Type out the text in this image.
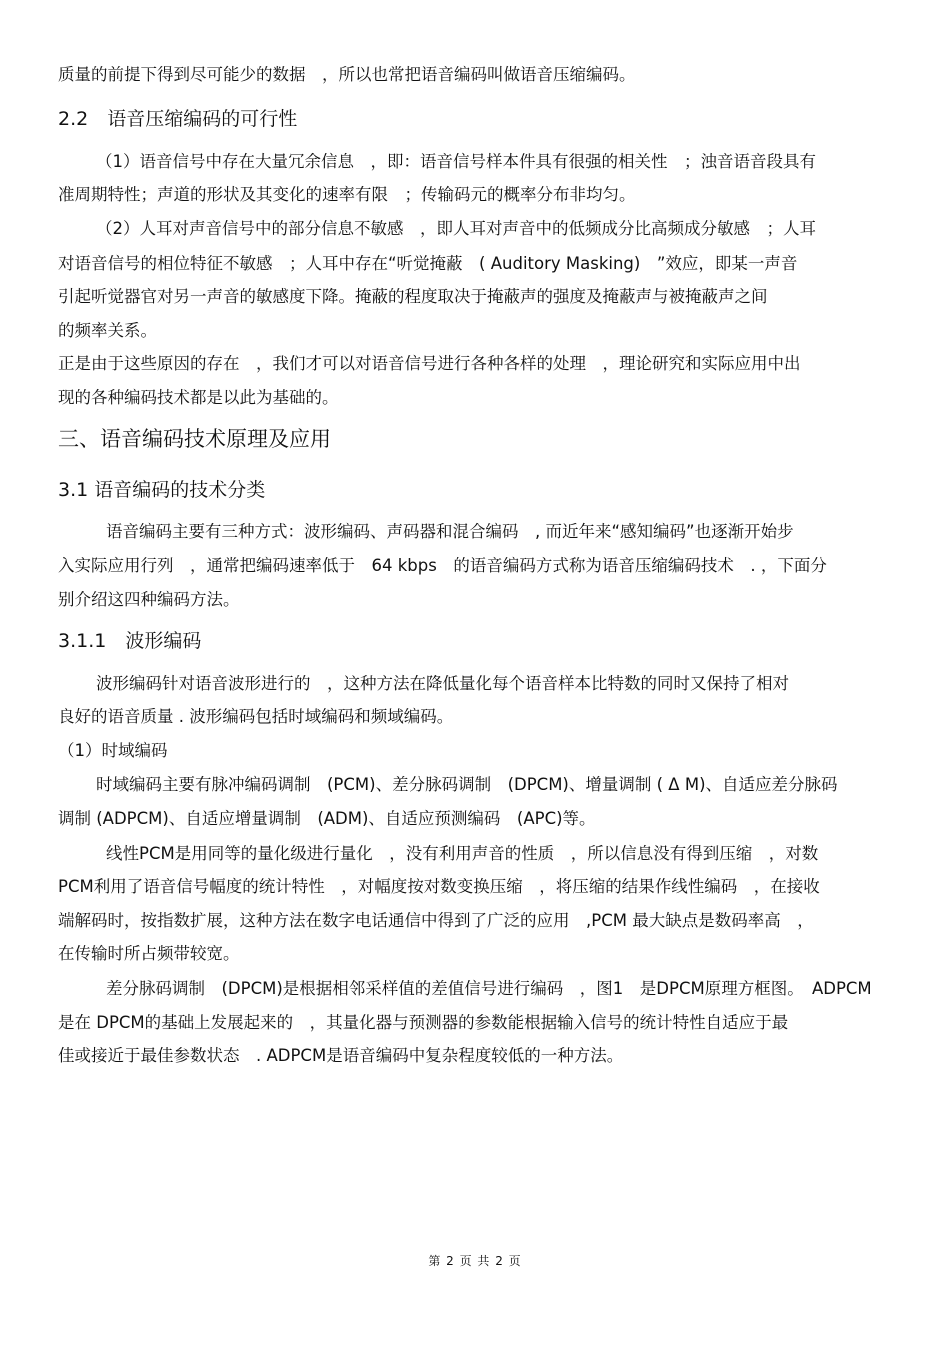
质量的前提下得到尽可能少的数据　，所以也常把语音编码叫做语音压缩编码。
2.2　语音压缩编码的可行性
（1）语音信号中存在大量冗余信息　，即：语音信号样本件具有很强的相关性　；浊音语音段具有
准周期特性；声道的形状及其变化的速率有限　；传输码元的概率分布非均匀。
（2）人耳对声音信号中的部分信息不敏感　，即人耳对声音中的低频成分比高频成分敏感　；人耳
对语音信号的相位特征不敏感　；人耳中存在“听觉掩蔽　( Auditory Masking)　”效应，即某一声音
引起听觉器官对另一声音的敏感度下降。掩蔽的程度取决于掩蔽声的强度及掩蔽声与被掩蔽声之间
的频率关系。
正是由于这些原因的存在　，我们才可以对语音信号进行各种各样的处理　，理论研究和实际应用中出
现的各种编码技术都是以此为基础的。
三、语音编码技术原理及应用
3.1 语音编码的技术分类
语音编码主要有三种方式：波形编码、声码器和混合编码　, 而近年来“感知编码”也逐渐开始步
入实际应用行列　，通常把编码速率低于　64 kbps　的语音编码方式称为语音压缩编码技术　. ，下面分
别介绍这四种编码方法。
3.1.1　波形编码
波形编码针对语音波形进行的　，这种方法在降低量化每个语音样本比特数的同时又保持了相对
良好的语音质量 . 波形编码包括时域编码和频域编码。
（1）时域编码
时域编码主要有脉冲编码调制　(PCM)、差分脉码调制　(DPCM)、增量调制 ( Δ M)、自适应差分脉码
调制 (ADPCM)、自适应增量调制　(ADM)、自适应预测编码　(APC)等。
线性PCM是用同等的量化级进行量化　，没有利用声音的性质　，所以信息没有得到压缩　，对数
PCM利用了语音信号幅度的统计特性　，对幅度按对数变换压缩　，将压缩的结果作线性编码　，在接收
端解码时，按指数扩展，这种方法在数字电话通信中得到了广泛的应用　,PCM 最大缺点是数码率高　，
在传输时所占频带较宽。
差分脉码调制　(DPCM)是根据相邻采样值的差值信号进行编码　，图1　是DPCM原理方框图。　ADPCM
是在 DPCM的基础上发展起来的　，其量化器与预测器的参数能根据输入信号的统计特性自适应于最
佳或接近于最佳参数状态　. ADPCM是语音编码中复杂程度较低的一种方法。
第 2 页 共 2 页
